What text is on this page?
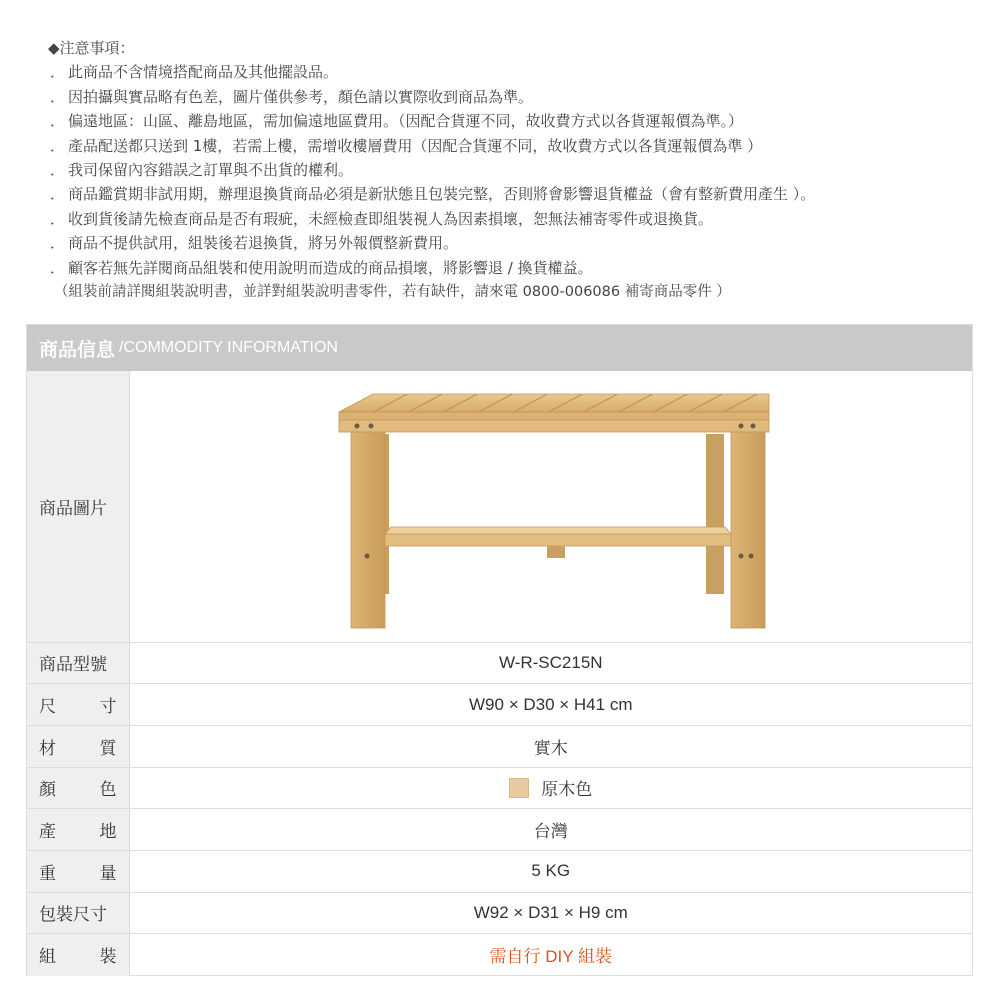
◆注意事項：
． 此商品不含情境搭配商品及其他擺設品。
． 因拍攝與實品略有色差，圖片僅供參考，顏色請以實際收到商品為準。
． 偏遠地區：山區、離島地區，需加偏遠地區費用。（因配合貨運不同，故收費方式以各貨運報價為準。）
． 產品配送都只送到 1樓，若需上樓，需增收樓層費用（因配合貨運不同，故收費方式以各貨運報價為準 ）
． 我司保留內容錯誤之訂單與不出貨的權利。
． 商品鑑賞期非試用期，辦理退換貨商品必須是新狀態且包裝完整，否則將會影響退貨權益（會有整新費用產生 ）。
． 收到貨後請先檢查商品是否有瑕疵，未經檢查即組裝視人為因素損壞，恕無法補寄零件或退換貨。
． 商品不提供試用，組裝後若退換貨，將另外報價整新費用。
． 顧客若無先詳閱商品組裝和使用說明而造成的商品損壞，將影響退 / 換貨權益。
（組裝前請詳閱組裝說明書，並詳對組裝說明書零件，若有缺件，請來電 0800-006086 補寄商品零件 ）
商品信息 /COMMODITY INFORMATION
商品圖片	

商品型號	W-R-SC215N
尺寸	W90 × D30 × H41 cm
材質	實木
顏色	原木色
產地	台灣
重量	5 KG
包裝尺寸	W92 × D31 × H9 cm
組裝	需自行 DIY 組裝
